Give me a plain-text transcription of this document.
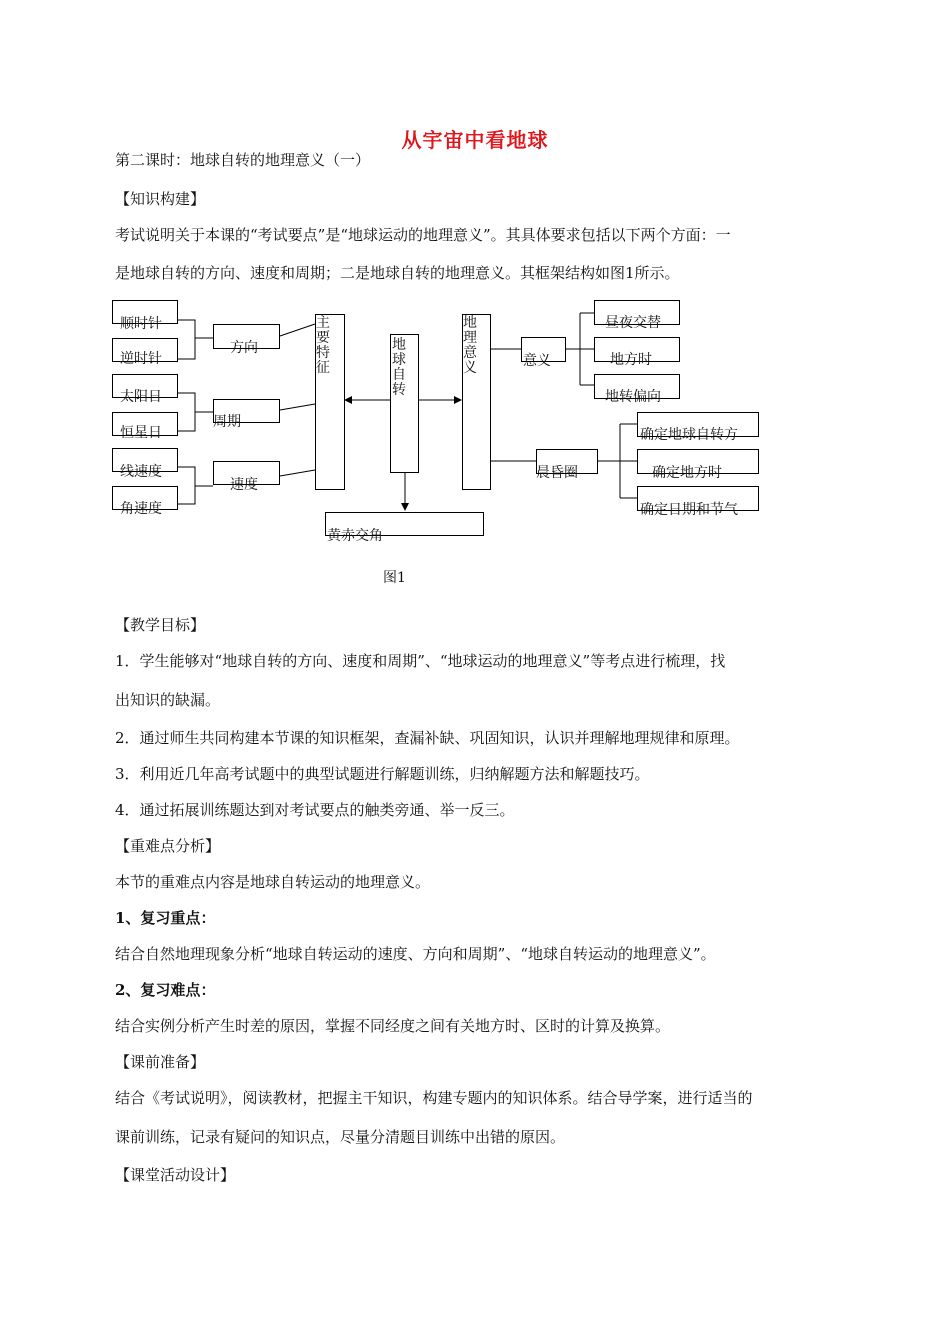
从宇宙中看地球
第二课时：地球自转的地理意义（一）
【知识构建】
考试说明关于本课的“考试要点”是“地球运动的地理意义”。其具体要求包括以下两个方面：一
是地球自转的方向、速度和周期；二是地球自转的地理意义。其框架结构如图1所示。
顺时针
逆时针
太阳日
恒星日
线速度
角速度
方向
周期
速度
主要特征
地球自转
地理意义
黄赤交角
意义
昼夜交替
地方时
地转偏向
晨昏圈
确定地球自转方
确定地方时
确定日期和节气
图1
【教学目标】
1．学生能够对“地球自转的方向、速度和周期”、“地球运动的地理意义”等考点进行梳理，找
出知识的缺漏。
2．通过师生共同构建本节课的知识框架，查漏补缺、巩固知识，认识并理解地理规律和原理。
3．利用近几年高考试题中的典型试题进行解题训练，归纳解题方法和解题技巧。
4．通过拓展训练题达到对考试要点的触类旁通、举一反三。
【重难点分析】
本节的重难点内容是地球自转运动的地理意义。
1、复习重点：
结合自然地理现象分析“地球自转运动的速度、方向和周期”、“地球自转运动的地理意义”。
2、复习难点：
结合实例分析产生时差的原因，掌握不同经度之间有关地方时、区时的计算及换算。
【课前准备】
结合《考试说明》，阅读教材，把握主干知识，构建专题内的知识体系。结合导学案，进行适当的
课前训练，记录有疑问的知识点，尽量分清题目训练中出错的原因。
【课堂活动设计】
